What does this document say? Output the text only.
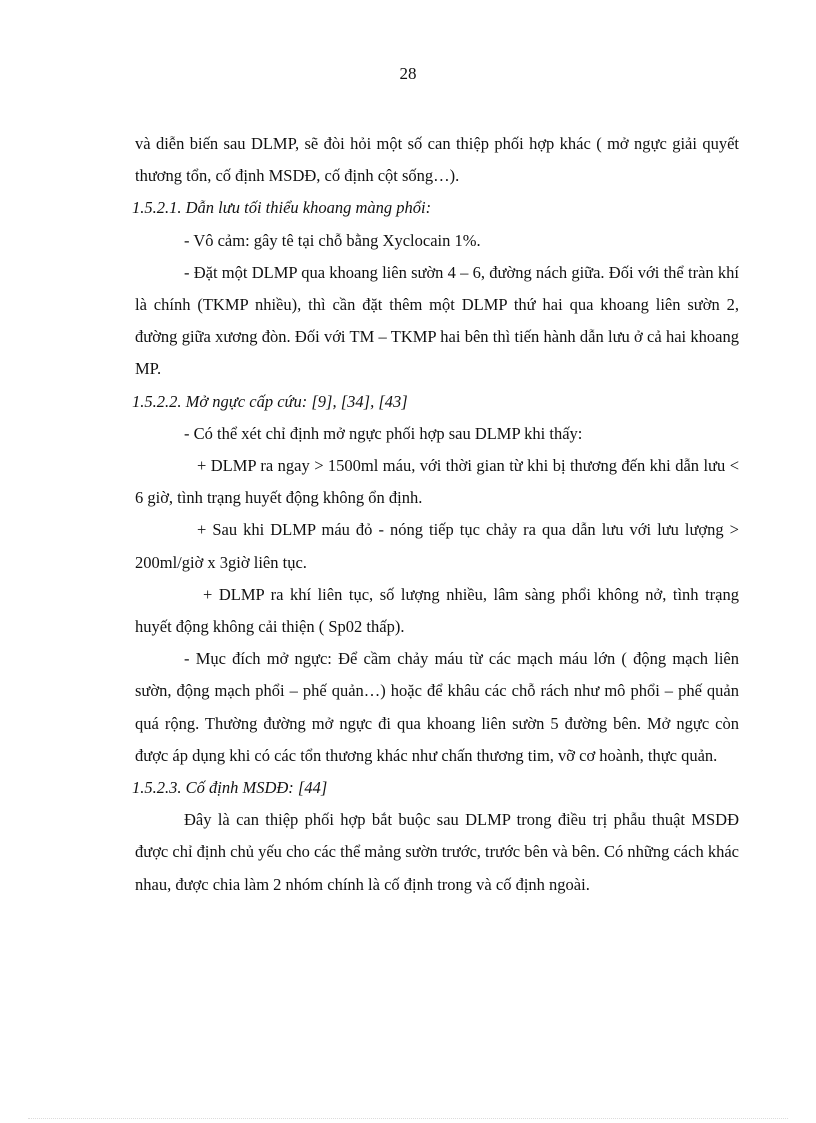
28

và diễn biến sau DLMP, sẽ đòi hỏi một số can thiệp phối hợp khác ( mở ngực giải quyết thương tổn, cố định MSDĐ, cố định cột sống…).

1.5.2.1. Dẫn lưu tối thiểu khoang màng phổi:

- Vô cảm: gây tê tại chỗ bằng Xyclocain 1%.

- Đặt một DLMP qua khoang liên sườn 4 – 6, đường nách giữa. Đối với thể tràn khí là chính (TKMP nhiều), thì cần đặt thêm một DLMP thứ hai qua khoang liên sườn 2, đường giữa xương đòn. Đối với TM – TKMP hai bên thì tiến hành dẫn lưu ở cả hai khoang MP.

1.5.2.2. Mở ngực cấp cứu: [9], [34], [43]

- Có thể xét chỉ định mở ngực phối hợp sau DLMP khi thấy:

+ DLMP ra ngay > 1500ml máu, với thời gian từ khi bị thương đến khi dẫn lưu < 6 giờ, tình trạng huyết động không ổn định.

+ Sau khi DLMP máu đỏ - nóng tiếp tục chảy ra qua dẫn lưu với lưu lượng > 200ml/giờ x 3giờ liên tục.

+ DLMP ra khí liên tục, số lượng nhiều, lâm sàng phổi không nở, tình trạng huyết động không cải thiện ( Sp02 thấp).

- Mục đích mở ngực: Để cầm chảy máu từ các mạch máu lớn ( động mạch liên sườn, động mạch phổi – phế quản…) hoặc để khâu các chỗ rách như mô phổi – phế quản quá rộng. Thường đường mở ngực đi qua khoang liên sườn 5 đường bên. Mở ngực còn được áp dụng khi có các tổn thương khác như chấn thương tim, vỡ cơ hoành, thực quản.

1.5.2.3. Cố định MSDĐ: [44]

Đây là can thiệp phối hợp bắt buộc sau DLMP trong điều trị phẫu thuật MSDĐ được chỉ định chủ yếu cho các thể mảng sườn trước, trước bên và bên. Có những cách khác nhau, được chia làm 2 nhóm chính là cố định trong và cố định ngoài.
